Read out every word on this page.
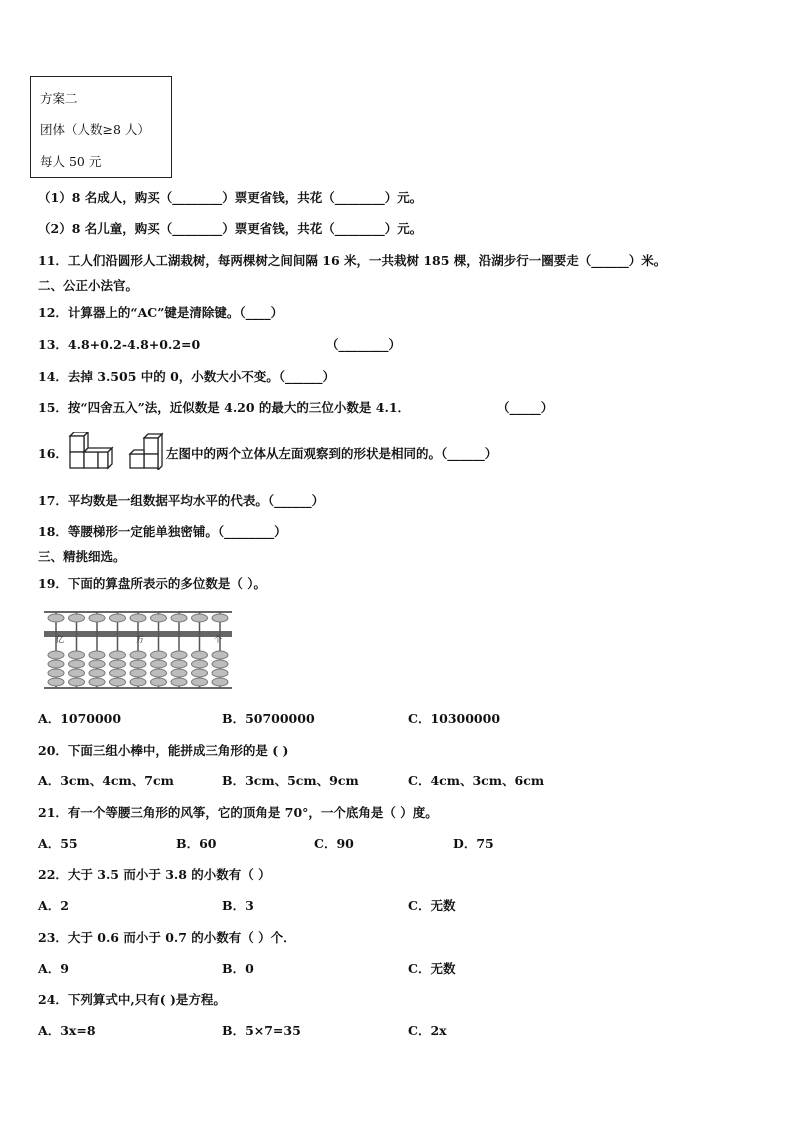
方案二
团体（人数≥8 人）
每人 50 元
（1）8 名成人，购买（________）票更省钱，共花（________）元。
（2）8 名儿童，购买（________）票更省钱，共花（________）元。
11．工人们沿圆形人工湖栽树，每两棵树之间间隔 16 米，一共栽树 185 棵，沿湖步行一圈要走（______）米。
二、公正小法官。
12．计算器上的“AC”键是清除键。（____）
13．4.8+0.2-4.8+0.2=0	（________）
14．去掉 3.505 中的 0，小数大小不变。（______）
15．按“四舍五入”法，近似数是 4.20 的最大的三位小数是 4.1．	（_____）
16．	左图中的两个立体从左面观察到的形状是相同的。（______）
17．平均数是一组数据平均水平的代表。（______）
18．等腰梯形一定能单独密铺。（________）
三、精挑细选。
19．下面的算盘所表示的多位数是（ ）。
亿	万	个
A．1070000	B．50700000	C．10300000
20．下面三组小棒中，能拼成三角形的是 ( )
A．3cm、4cm、7cm	B．3cm、5cm、9cm	C．4cm、3cm、6cm
21．有一个等腰三角形的风筝，它的顶角是 70°，一个底角是（ ）度。
A．55	B．60	C．90	D．75
22．大于 3.5 而小于 3.8 的小数有（ ）
A．2	B．3	C．无数
23．大于 0.6 而小于 0.7 的小数有（ ）个．
A．9	B．0	C．无数
24．下列算式中,只有( )是方程。
A．3x=8	B．5×7=35	C．2x
